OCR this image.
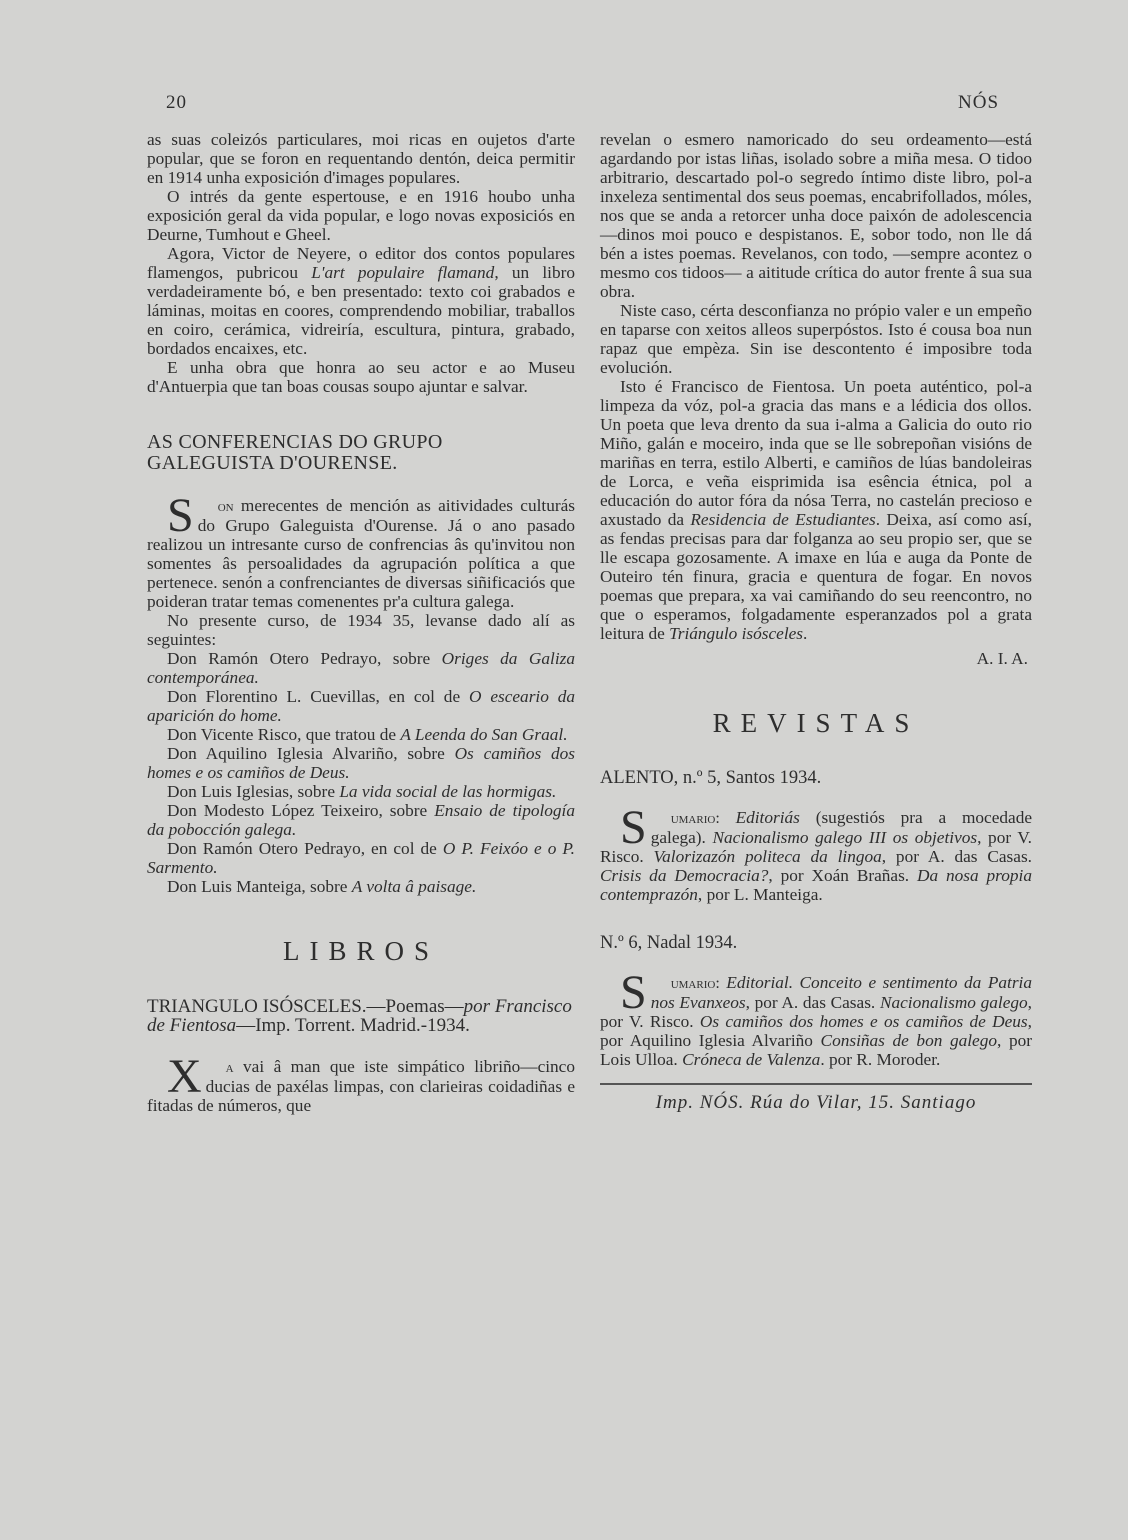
20	NÓS

as suas coleizós particulares, moi ricas en oujetos d'arte popular, que se foron en requentando dentón, deica permitir en 1914 unha exposición d'images populares.

O intrés da gente espertouse, e en 1916 houbo unha exposición geral da vida popular, e logo novas exposiciós en Deurne, Tumhout e Gheel.

Agora, Victor de Neyere, o editor dos contos populares flamengos, pubricou L'art populaire flamand, un libro verdadeiramente bó, e ben presentado: texto coi grabados e láminas, moitas en coores, comprendendo mobiliar, traballos en coiro, cerámica, vidreiría, escultura, pintura, grabado, bordados encaixes, etc.

E unha obra que honra ao seu actor e ao Museu d'Antuerpia que tan boas cousas soupo ajuntar e salvar.

AS CONFERENCIAS DO GRUPO
GALEGUISTA D'OURENSE.

S on merecentes de mención as aitividades culturás do Grupo Galeguista d'Ourense. Já o ano pasado realizou un intresante curso de confrencias âs qu'invitou non somentes âs persoalidades da agrupación política a que pertenece. senón a confrenciantes de diversas siñificaciós que poideran tratar temas comenentes pr'a cultura galega.

No presente curso, de 1934 35, levanse dado alí as seguintes:

Don Ramón Otero Pedrayo, sobre Origes da Galiza contemporánea.

Don Florentino L. Cuevillas, en col de O esceario da aparición do home.

Don Vicente Risco, que tratou de A Leenda do San Graal.

Don Aquilino Iglesia Alvariño, sobre Os camiños dos homes e os camiños de Deus.

Don Luis Iglesias, sobre La vida social de las hormigas.

Don Modesto López Teixeiro, sobre Ensaio de tipología da pobocción galega.

Don Ramón Otero Pedrayo, en col de O P. Feixóo e o P. Sarmento.

Don Luis Manteiga, sobre A volta â paisage.

LIBROS
TRIANGULO ISÓSCELES.—Poemas—por Francisco de Fientosa—Imp. Torrent. Madrid.-1934.

X a vai â man que iste simpático libriño—cinco ducias de paxélas limpas, con clarieiras coidadiñas e fitadas de números, que

revelan o esmero namoricado do seu ordeamento—está agardando por istas liñas, isolado sobre a miña mesa. O tidoo arbitrario, descartado pol-o segredo íntimo diste libro, pol-a inxeleza sentimental dos seus poemas, encabrifollados, móles, nos que se anda a retorcer unha doce paixón de adolescencia—dinos moi pouco e despistanos. E, sobor todo, non lle dá bén a istes poemas. Revelanos, con todo, —sempre acontez o mesmo cos tidoos— a aititude crítica do autor frente â sua sua obra.

Niste caso, cérta desconfianza no própio valer e un empeño en taparse con xeitos alleos superpóstos. Isto é cousa boa nun rapaz que empèza. Sin ise descontento é imposibre toda evolución.

Isto é Francisco de Fientosa. Un poeta auténtico, pol-a limpeza da vóz, pol-a gracia das mans e a lédicia dos ollos. Un poeta que leva drento da sua i-alma a Galicia do outo rio Miño, galán e moceiro, inda que se lle sobrepoñan visións de mariñas en terra, estilo Alberti, e camiños de lúas bandoleiras de Lorca, e veña eisprimida isa esência étnica, pol a educación do autor fóra da nósa Terra, no castelán precioso e axustado da Residencia de Estudiantes. Deixa, así como así, as fendas precisas para dar folganza ao seu propio ser, que se lle escapa gozosamente. A imaxe en lúa e auga da Ponte de Outeiro tén finura, gracia e quentura de fogar. En novos poemas que prepara, xa vai camiñando do seu reencontro, no que o esperamos, folgadamente esperanzados pol a grata leitura de Triángulo isósceles.

A. I. A.
REVISTAS
ALENTO, n.º 5, Santos 1934.

S umario: Editoriás (sugestiós pra a mocedade galega). Nacionalismo galego III os objetivos, por V. Risco. Valorizazón politeca da lingoa, por A. das Casas. Crisis da Democracia?, por Xoán Brañas. Da nosa propia contemprazón, por L. Manteiga.

N.º 6, Nadal 1934.

S umario: Editorial. Conceito e sentimento da Patria nos Evanxeos, por A. das Casas. Nacionalismo galego, por V. Risco. Os camiños dos homes e os camiños de Deus, por Aquilino Iglesia Alvariño Consiñas de bon galego, por Lois Ulloa. Cróneca de Valenza. por R. Moroder.

Imp. NÓS. Rúa do Vilar, 15. Santiago
